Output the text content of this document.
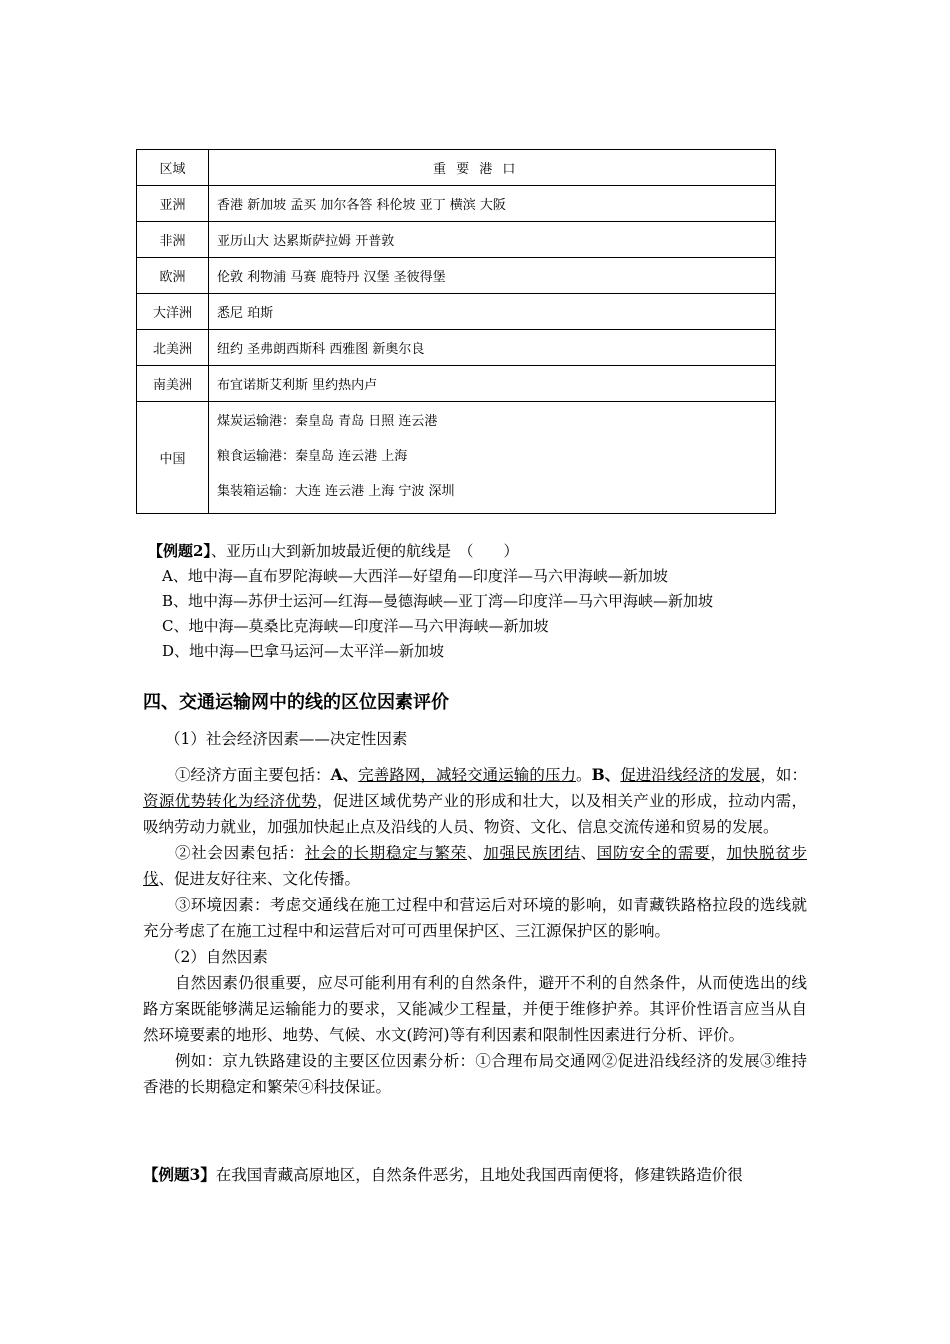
区域	重 要 港 口
亚洲	香港 新加坡 孟买 加尔各答 科伦坡 亚丁 横滨 大阪
非洲	亚历山大 达累斯萨拉姆 开普敦
欧洲	伦敦 利物浦 马赛 鹿特丹 汉堡 圣彼得堡
大洋洲	悉尼 珀斯
北美洲	纽约 圣弗朗西斯科 西雅图 新奥尔良
南美洲	布宜诺斯艾利斯 里约热内卢
中国	煤炭运输港：秦皇岛 青岛 日照 连云港
粮食运输港：秦皇岛 连云港 上海
集装箱运输：大连 连云港 上海 宁波 深圳
【例题2】、亚历山大到新加坡最近便的航线是　（　　）
A、地中海—直布罗陀海峡—大西洋—好望角—印度洋—马六甲海峡—新加坡
B、地中海—苏伊士运河—红海—曼德海峡—亚丁湾—印度洋—马六甲海峡—新加坡
C、地中海—莫桑比克海峡—印度洋—马六甲海峡—新加坡
D、地中海—巴拿马运河—太平洋—新加坡
四、交通运输网中的线的区位因素评价
（1）社会经济因素——决定性因素

①经济方面主要包括：A、完善路网，减轻交通运输的压力。B、促进沿线经济的发展，如：资源优势转化为经济优势，促进区域优势产业的形成和壮大，以及相关产业的形成，拉动内需，吸纳劳动力就业，加强加快起止点及沿线的人员、物资、文化、信息交流传递和贸易的发展。

②社会因素包括：社会的长期稳定与繁荣、加强民族团结、国防安全的需要，加快脱贫步伐、促进友好往来、文化传播。

③环境因素：考虑交通线在施工过程中和营运后对环境的影响，如青藏铁路格拉段的选线就充分考虑了在施工过程中和运营后对可可西里保护区、三江源保护区的影响。

（2）自然因素

自然因素仍很重要，应尽可能利用有利的自然条件，避开不利的自然条件，从而使选出的线路方案既能够满足运输能力的要求，又能减少工程量，并便于维修护养。其评价性语言应当从自然环境要素的地形、地势、气候、水文(跨河)等有利因素和限制性因素进行分析、评价。

例如：京九铁路建设的主要区位因素分析：①合理布局交通网②促进沿线经济的发展③维持香港的长期稳定和繁荣④科技保证。

【例题3】在我国青藏高原地区，自然条件恶劣，且地处我国西南便将，修建铁路造价很
